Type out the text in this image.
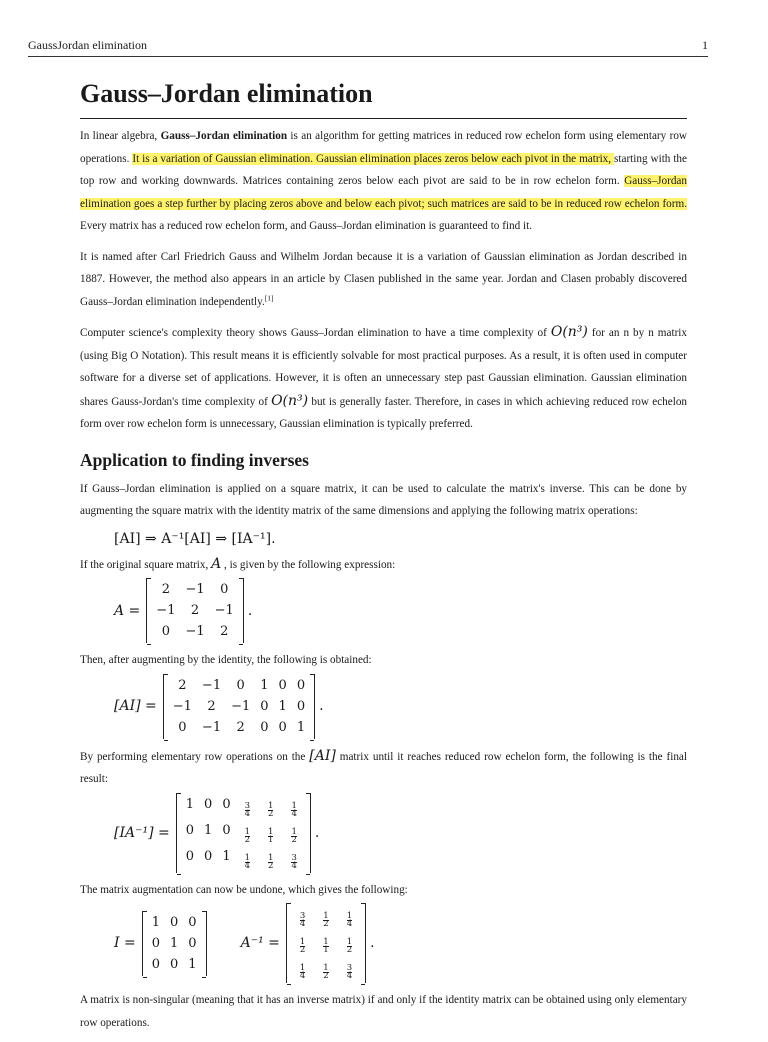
GaussJordan elimination	1
Gauss–Jordan elimination

In linear algebra, Gauss–Jordan elimination is an algorithm for getting matrices in reduced row echelon form using elementary row operations. It is a variation of Gaussian elimination. Gaussian elimination places zeros below each pivot in the matrix, starting with the top row and working downwards. Matrices containing zeros below each pivot are said to be in row echelon form. Gauss–Jordan elimination goes a step further by placing zeros above and below each pivot; such matrices are said to be in reduced row echelon form. Every matrix has a reduced row echelon form, and Gauss–Jordan elimination is guaranteed to find it.

It is named after Carl Friedrich Gauss and Wilhelm Jordan because it is a variation of Gaussian elimination as Jordan described in 1887. However, the method also appears in an article by Clasen published in the same year. Jordan and Clasen probably discovered Gauss–Jordan elimination independently.[1]

Computer science's complexity theory shows Gauss–Jordan elimination to have a time complexity of O(n³) for an n by n matrix (using Big O Notation). This result means it is efficiently solvable for most practical purposes. As a result, it is often used in computer software for a diverse set of applications. However, it is often an unnecessary step past Gaussian elimination. Gaussian elimination shares Gauss-Jordan's time complexity of O(n³) but is generally faster. Therefore, in cases in which achieving reduced row echelon form over row echelon form is unnecessary, Gaussian elimination is typically preferred.

Application to finding inverses

If Gauss–Jordan elimination is applied on a square matrix, it can be used to calculate the matrix's inverse. This can be done by augmenting the square matrix with the identity matrix of the same dimensions and applying the following matrix operations:

[AI] ⇒ A⁻¹[AI] ⇒ [IA⁻¹].

If the original square matrix, A , is given by the following expression:

A =
2	−1	0
−1	2	−1
0	−1	2
.

Then, after augmenting by the identity, the following is obtained:

[AI] =
2	−1	0	1 0 0
−1	2	−1 0 1 0
0	−1	2	0 0 1
.

By performing elementary row operations on the [AI] matrix until it reaches reduced row echelon form, the following is the final result:

[IA⁻¹] =
1 0 0	$\frac{3}{4} \frac{1}{2} \frac{1}{4}$
0 1 0	$\frac{1}{2} \frac{1}{1} \frac{1}{2}$
0 0 1	$\frac{1}{4} \frac{1}{2} \frac{3}{4}$
.

The matrix augmentation can now be undone, which gives the following:

I =
1 0 0
0 1 0
0 0 1
A⁻¹ =
$\frac{3}{4} \frac{1}{2} \frac{1}{4}$
$\frac{1}{2} \frac{1}{1} \frac{1}{2}$
$\frac{1}{4} \frac{1}{2} \frac{3}{4}$
.

A matrix is non-singular (meaning that it has an inverse matrix) if and only if the identity matrix can be obtained using only elementary row operations.
